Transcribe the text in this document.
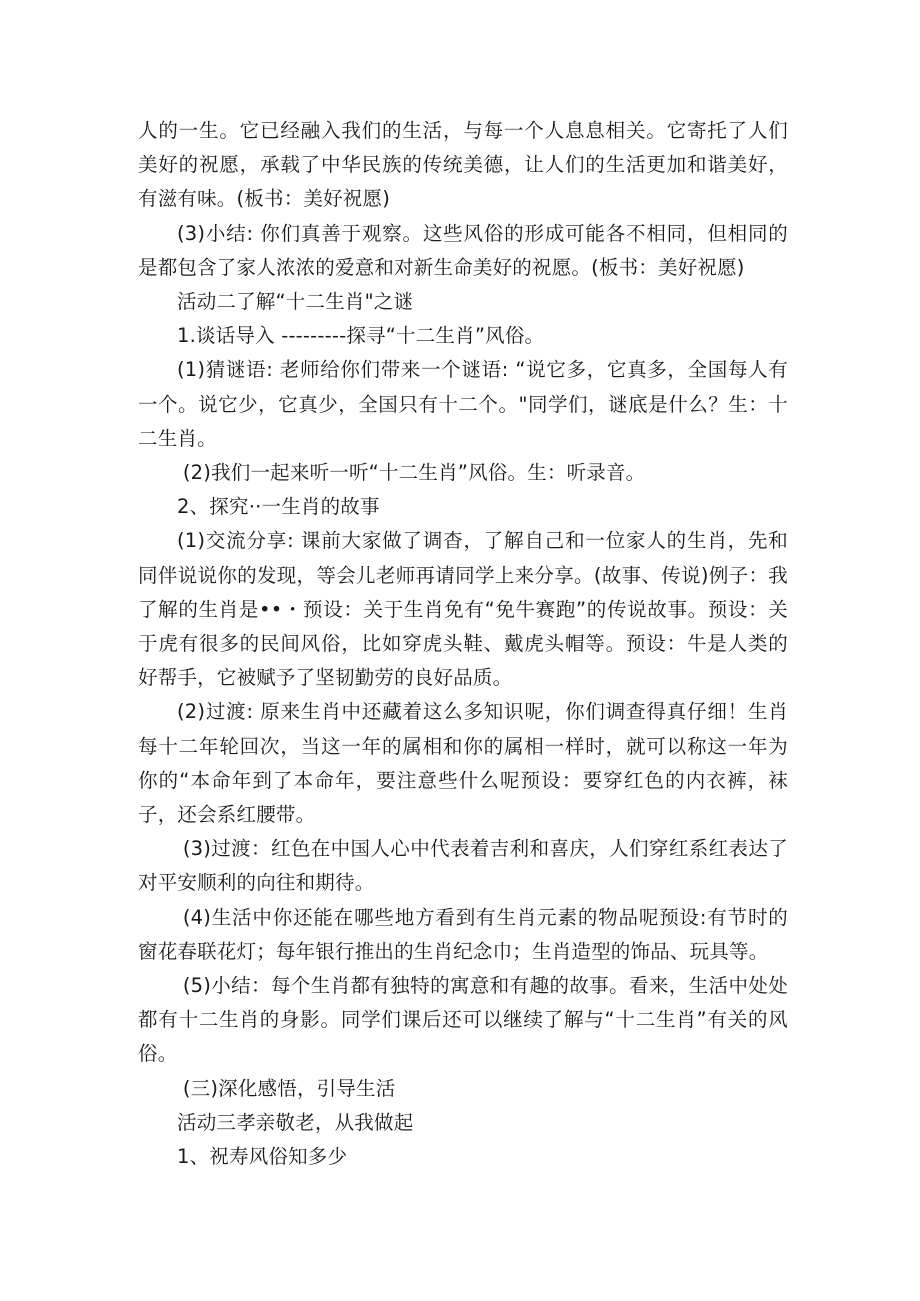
人的一生。它已经融入我们的生活，与每一个人息息相关。它寄托了人们美好的祝愿，承载了中华民族的传统美德，让人们的生活更加和谐美好，有滋有味。(板书：美好祝愿)

(3)小结: 你们真善于观察。这些风俗的形成可能各不相同，但相同的是都包含了家人浓浓的爱意和对新生命美好的祝愿。(板书：美好祝愿)

活动二了解“十二生肖"之谜

1.谈话导入 ---------探寻“十二生肖”风俗。

(1)猜谜语: 老师给你们带来一个谜语: “说它多，它真多，全国每人有一个。说它少，它真少，全国只有十二个。"同学们，谜底是什么？生：十二生肖。

(2)我们一起来听一听“十二生肖”风俗。生：听录音。

2、探究··一生肖的故事

(1)交流分享: 课前大家做了调杳，了解自己和一位家人的生肖，先和同伴说说你的发现，等会儿老师再请同学上来分享。(故事、传说)例子：我了解的生肖是••・预设：关于生肖免有“免牛赛跑”的传说故事。预设：关于虎有很多的民间风俗，比如穿虎头鞋、戴虎头帽等。预设：牛是人类的好帮手，它被赋予了坚韧勤劳的良好品质。

(2)过渡: 原来生肖中还藏着这么多知识呢，你们调查得真仔细！生肖每十二年轮回次，当这一年的属相和你的属相一样时，就可以称这一年为你的“本命年到了本命年，要注意些什么呢预设：要穿红色的内衣裤，袜子，还会系红腰带。

(3)过渡：红色在中国人心中代表着吉利和喜庆，人们穿红系红表达了对平安顺利的向往和期待。

(4)生活中你还能在哪些地方看到有生肖元素的物品呢预设:有节时的窗花春联花灯；每年银行推出的生肖纪念巾；生肖造型的饰品、玩具等。

(5)小结：每个生肖都有独特的寓意和有趣的故事。看来，生活中处处都有十二生肖的身影。同学们课后还可以继续了解与“十二生肖”有关的风俗。

(三)深化感悟，引导生活

活动三孝亲敬老，从我做起

1、祝寿风俗知多少
